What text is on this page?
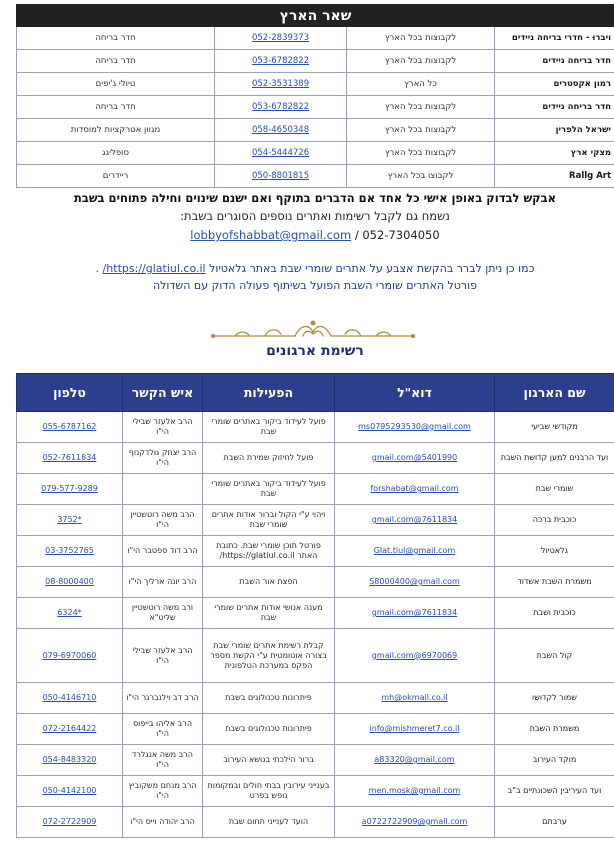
שאר הארץ			
ויברוּ - חדרי בריחה ניידים	לקבוצות בכל הארץ	052-2839373	חדר בריחה
חדר בריחה ניידים	לקבוצות בכל הארץ	053-6782822	חדר בריחה
רמון אקסטרים	כל הארץ	052-3531389	טיולי ג'יפים
חדר בריחה ניידים	לקבוצות בכל הארץ	053-6782822	חדר בריחה
ישראל הלפרין	לקבוצות בכל הארץ	058-4650348	מגוון אטרקציות למוסדות
מצקי ארץ	לקבוצות בכל הארץ	054-5444726	סופליגג
Rallg Art	לקבוצו בכל הארץ	050-8801815	ריידרים
אבקש לבדוק באופן אישי כל אחד אם הדברים בתוקף ואם ישנם שינוים וחילה פתוחים בשבת
נשמח גם לקבל רשימות ואתרים נוספים הסוגרים בשבת:
lobbyofshabbat@gmail.com / 052-7304050
כמו כן ניתן לברר בהקשת אצבע על אתרים שומרי שבת באתר גלאטיול https://glatiul.co.il/ .
פורטל האתרים שומרי השבת הפועל בשיתוף פעולה הדוק עם השדולה
רשימת ארגונים
שם הארגון	דוא"ל	הפעילות	איש הקשר	טלפון
מקודשי שביעי	ms0795293530@gmail.com	פועל לעידוד ביקור באתרים שומרי שבת	הרב אלעזר שבילי הי"ו	055-6787162
ועד הרבנים למען קדושת השבת	gmail.com@5401990	פועל לחיזוק שמירת השבת	הרב יצחק גולדקנוף הי"ו	052-7611834
שומרי שבת	forshabat@gmail.com	פועל לעידוד ביקור באתרים שומרי שבת		079-577-9289
כוכבית ברכה	gmail.com@7611834	ויהוי ע"י הקול וברור אודות אתרים שומרי שבת	הרב משה רוטשטיין הי"ו	*3752
גלאטיול	Glat.tiul@gmail.com	פורטל תוכן שומרי שבת. כתובת האתר https://glatiul.co.il/	הרב דוד ספטבר הי"ו	03-3752765
משמרת השבת אשדוד	S8000400@gmail.com	הפצת אור השבת	הרב יונה ארליך הי"ו	08-8000400
כוכבית ושבת	gmail.com@7611834	מענה אנושי אודות אתרים שומרי שבת	ורב משה רוטשטיין שליט"א	*6324
קול השבת	gmail.com@6970069	קבלת רשימת אתרים שומרי שבת בצורה אוטומטית ע"י הקשת מספר הפקס במערכת הטלפונית	הרב אלעזר שבילי הי"ו	079-6970060
שמור לקדושו	mh@okmail.co.il	פיתרונות טכנולוגים בשבת	הרב דב וילנברגר הי"ו	050-4146710
משמרת השבת	info@mishmeret7.co.il	פיתרונות טכנולוגים בשבת	הרב אליהו בייפוס הי"ו	072-2164422
מוקד העירוב	a83320@gmail.com	ברור הילכתי בנושא העירוב	הרב משה אנגלרד הי"ו	054-8483320
ועד העיריבין השכונתיים ב"ב	men.mosk@gmail.com	בענייני עירובין בבתי חולים ובמקומות נופש בפרט	הרב מנחם משקוביץ הי"ו	050-4142100
ערבתם	a0722722909@gmail.com	הועד לענייני תחום שבת	הרב יהודה וייס הי"ו	072-2722909
